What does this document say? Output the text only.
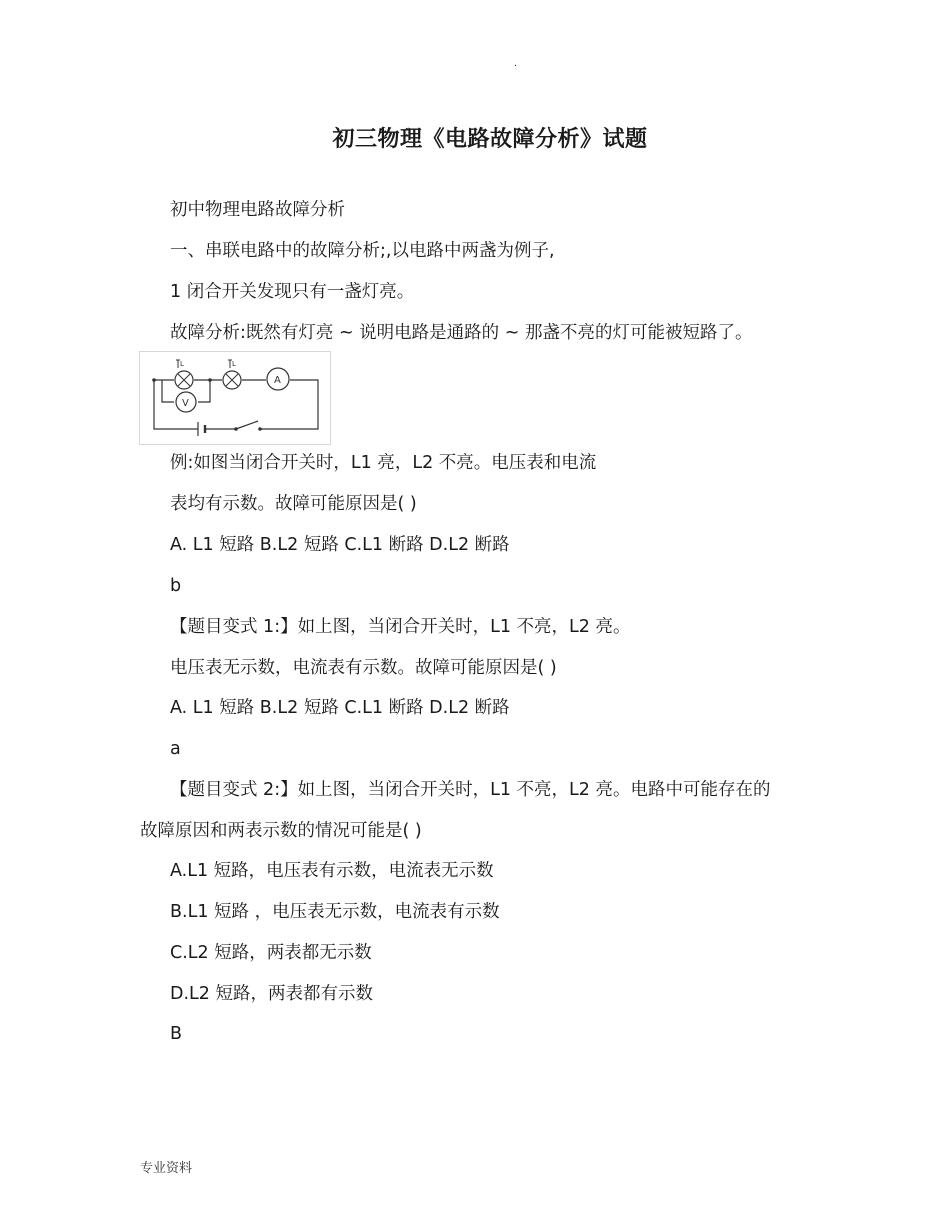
·
初三物理《电路故障分析》试题
初中物理电路故障分析
一、串联电路中的故障分析;,以电路中两盏为例子,
1 闭合开关发现只有一盏灯亮。
故障分析:既然有灯亮 ~ 说明电路是通路的 ~ 那盏不亮的灯可能被短路了。
L	L
A
V
例:如图当闭合开关时，L1 亮，L2 不亮。电压表和电流
表均有示数。故障可能原因是( )
A. L1 短路 B.L2 短路 C.L1 断路 D.L2 断路
b
【题目变式 1:】如上图，当闭合开关时，L1 不亮，L2 亮。
电压表无示数，电流表有示数。故障可能原因是( )
A. L1 短路 B.L2 短路 C.L1 断路 D.L2 断路
a
【题目变式 2:】如上图，当闭合开关时，L1 不亮，L2 亮。电路中可能存在的
故障原因和两表示数的情况可能是( )
A.L1 短路，电压表有示数，电流表无示数
B.L1 短路 ，电压表无示数，电流表有示数
C.L2 短路，两表都无示数
D.L2 短路，两表都有示数
B
专业资料
